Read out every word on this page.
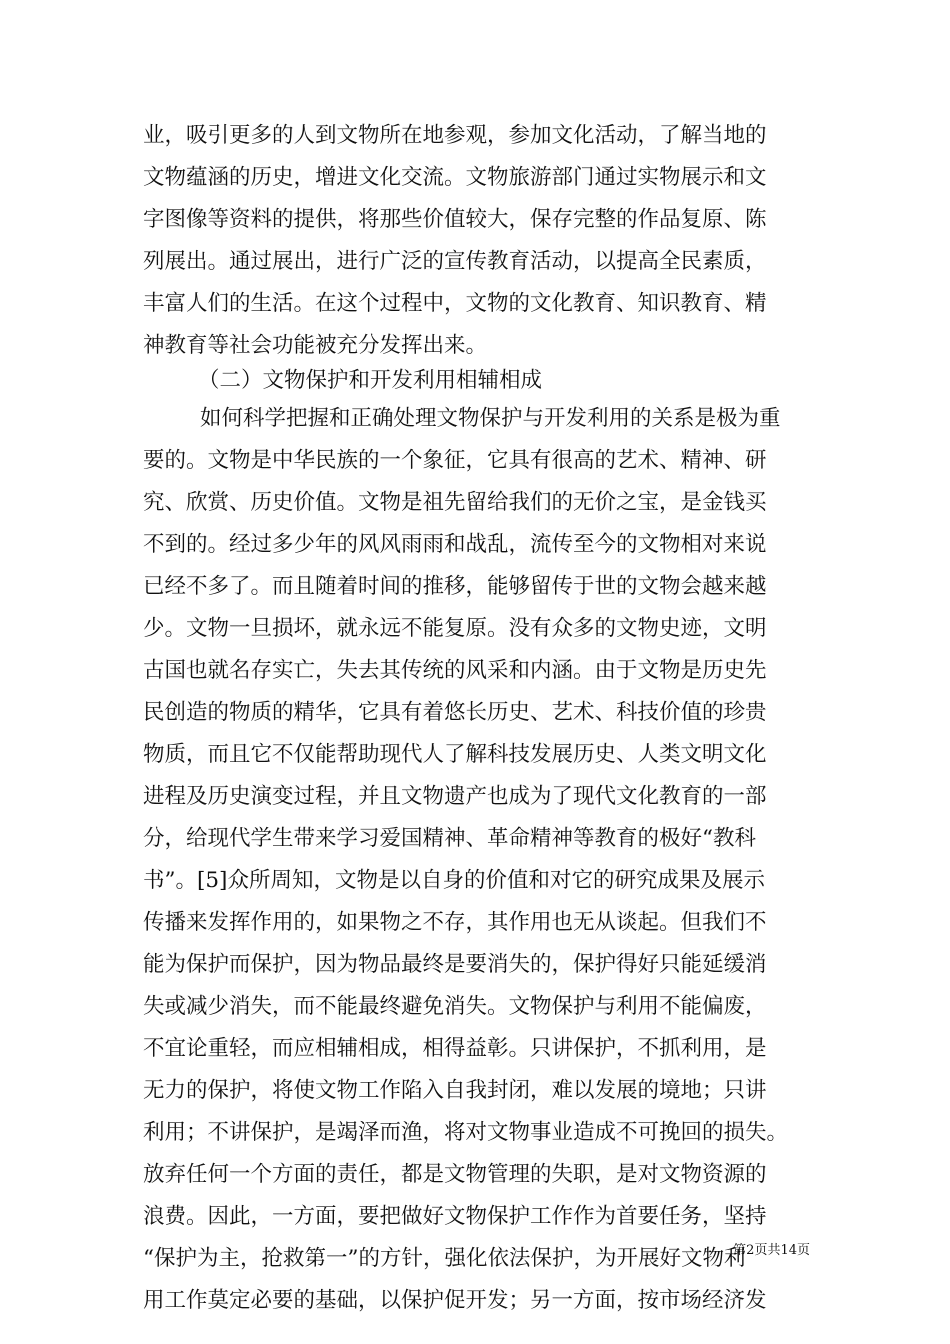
业，吸引更多的人到文物所在地参观，参加文化活动，了解当地的
文物蕴涵的历史，增进文化交流。文物旅游部门通过实物展示和文
字图像等资料的提供，将那些价值较大，保存完整的作品复原、陈
列展出。通过展出，进行广泛的宣传教育活动，以提高全民素质，
丰富人们的生活。在这个过程中，文物的文化教育、知识教育、精
神教育等社会功能被充分发挥出来。
（二）文物保护和开发利用相辅相成
如何科学把握和正确处理文物保护与开发利用的关系是极为重
要的。文物是中华民族的一个象征，它具有很高的艺术、精神、研
究、欣赏、历史价值。文物是祖先留给我们的无价之宝，是金钱买
不到的。经过多少年的风风雨雨和战乱，流传至今的文物相对来说
已经不多了。而且随着时间的推移，能够留传于世的文物会越来越
少。文物一旦损坏，就永远不能复原。没有众多的文物史迹，文明
古国也就名存实亡，失去其传统的风采和内涵。由于文物是历史先
民创造的物质的精华，它具有着悠长历史、艺术、科技价值的珍贵
物质，而且它不仅能帮助现代人了解科技发展历史、人类文明文化
进程及历史演变过程，并且文物遗产也成为了现代文化教育的一部
分，给现代学生带来学习爱国精神、革命精神等教育的极好“教科
书”。[5]众所周知，文物是以自身的价值和对它的研究成果及展示
传播来发挥作用的，如果物之不存，其作用也无从谈起。但我们不
能为保护而保护，因为物品最终是要消失的，保护得好只能延缓消
失或减少消失，而不能最终避免消失。文物保护与利用不能偏废，
不宜论重轻，而应相辅相成，相得益彰。只讲保护，不抓利用，是
无力的保护，将使文物工作陷入自我封闭，难以发展的境地；只讲
利用；不讲保护，是竭泽而渔，将对文物事业造成不可挽回的损失。
放弃任何一个方面的责任，都是文物管理的失职，是对文物资源的
浪费。因此，一方面，要把做好文物保护工作作为首要任务，坚持
“保护为主，抢救第一”的方针，强化依法保护，为开展好文物利
用工作莫定必要的基础，以保护促开发；另一方面，按市场经济发
第2页共14页
